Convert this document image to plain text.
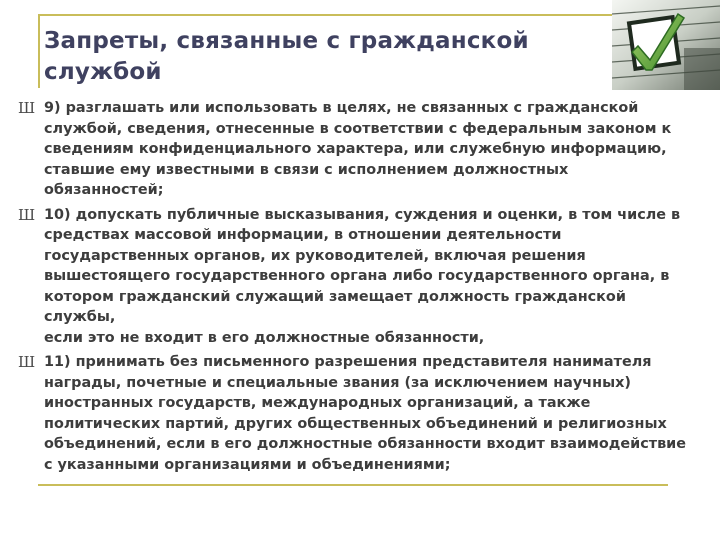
Запреты, связанные с гражданской
службой
Ш 9) разглашать или использовать в целях, не связанных с гражданской
службой, сведения, отнесенные в соответствии с федеральным законом к
сведениям конфиденциального характера, или служебную информацию,
ставшие ему известными в связи с исполнением должностных
обязанностей;
Ш 10) допускать публичные высказывания, суждения и оценки, в том числе в
средствах массовой информации, в отношении деятельности
государственных органов, их руководителей, включая решения
вышестоящего государственного органа либо государственного органа, в
котором гражданский служащий замещает должность гражданской службы,
если это не входит в его должностные обязанности,
Ш 11) принимать без письменного разрешения представителя нанимателя
награды, почетные и специальные звания (за исключением научных)
иностранных государств, международных организаций, а также
политических партий, других общественных объединений и религиозных
объединений, если в его должностные обязанности входит взаимодействие
с указанными организациями и объединениями;
